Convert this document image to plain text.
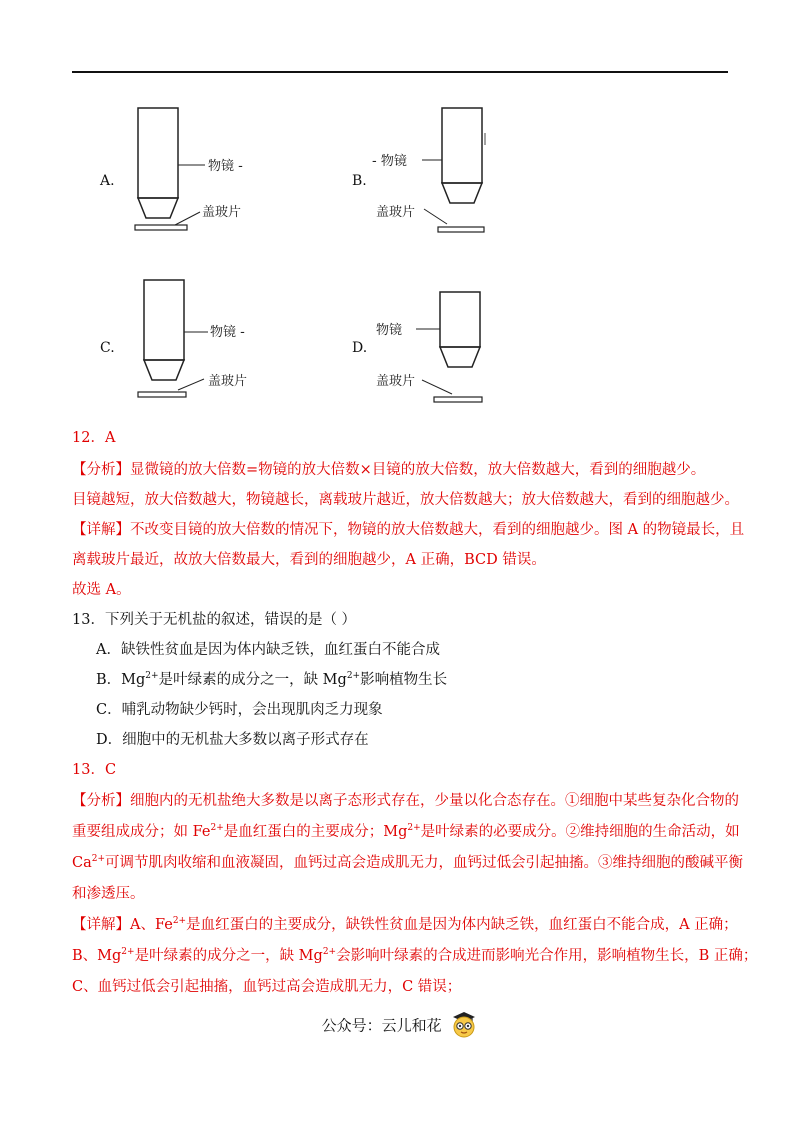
A.
物镜 -
盖玻片
B.
- 物镜
盖玻片
C.
物镜 -
盖玻片
D.
物镜
盖玻片
12．A
【分析】显微镜的放大倍数=物镜的放大倍数×目镜的放大倍数，放大倍数越大，看到的细胞越少。
目镜越短，放大倍数越大，物镜越长，离载玻片越近，放大倍数越大；放大倍数越大，看到的细胞越少。
【详解】不改变目镜的放大倍数的情况下，物镜的放大倍数越大，看到的细胞越少。图 A 的物镜最长，且
离载玻片最近，故放大倍数最大，看到的细胞越少，A 正确，BCD 错误。
故选 A。
13．下列关于无机盐的叙述，错误的是（ ）
A．缺铁性贫血是因为体内缺乏铁，血红蛋白不能合成
B．$Mg^{2+}$是叶绿素的成分之一，缺 $Mg^{2+}$影响植物生长
C．哺乳动物缺少钙时，会出现肌肉乏力现象
D．细胞中的无机盐大多数以离子形式存在
13．C
【分析】细胞内的无机盐绝大多数是以离子态形式存在，少量以化合态存在。①细胞中某些复杂化合物的
重要组成成分；如 $Fe^{2+}$是血红蛋白的主要成分；$Mg^{2+}$是叶绿素的必要成分。②维持细胞的生命活动，如
$Ca^{2+}$可调节肌肉收缩和血液凝固，血钙过高会造成肌无力，血钙过低会引起抽搐。③维持细胞的酸碱平衡
和渗透压。
【详解】A、$Fe^{2+}$是血红蛋白的主要成分，缺铁性贫血是因为体内缺乏铁，血红蛋白不能合成，A 正确；
B、$Mg^{2+}$是叶绿素的成分之一，缺 $Mg^{2+}$会影响叶绿素的合成进而影响光合作用，影响植物生长，B 正确；
C、血钙过低会引起抽搐，血钙过高会造成肌无力，C 错误；
公众号：云儿和花
